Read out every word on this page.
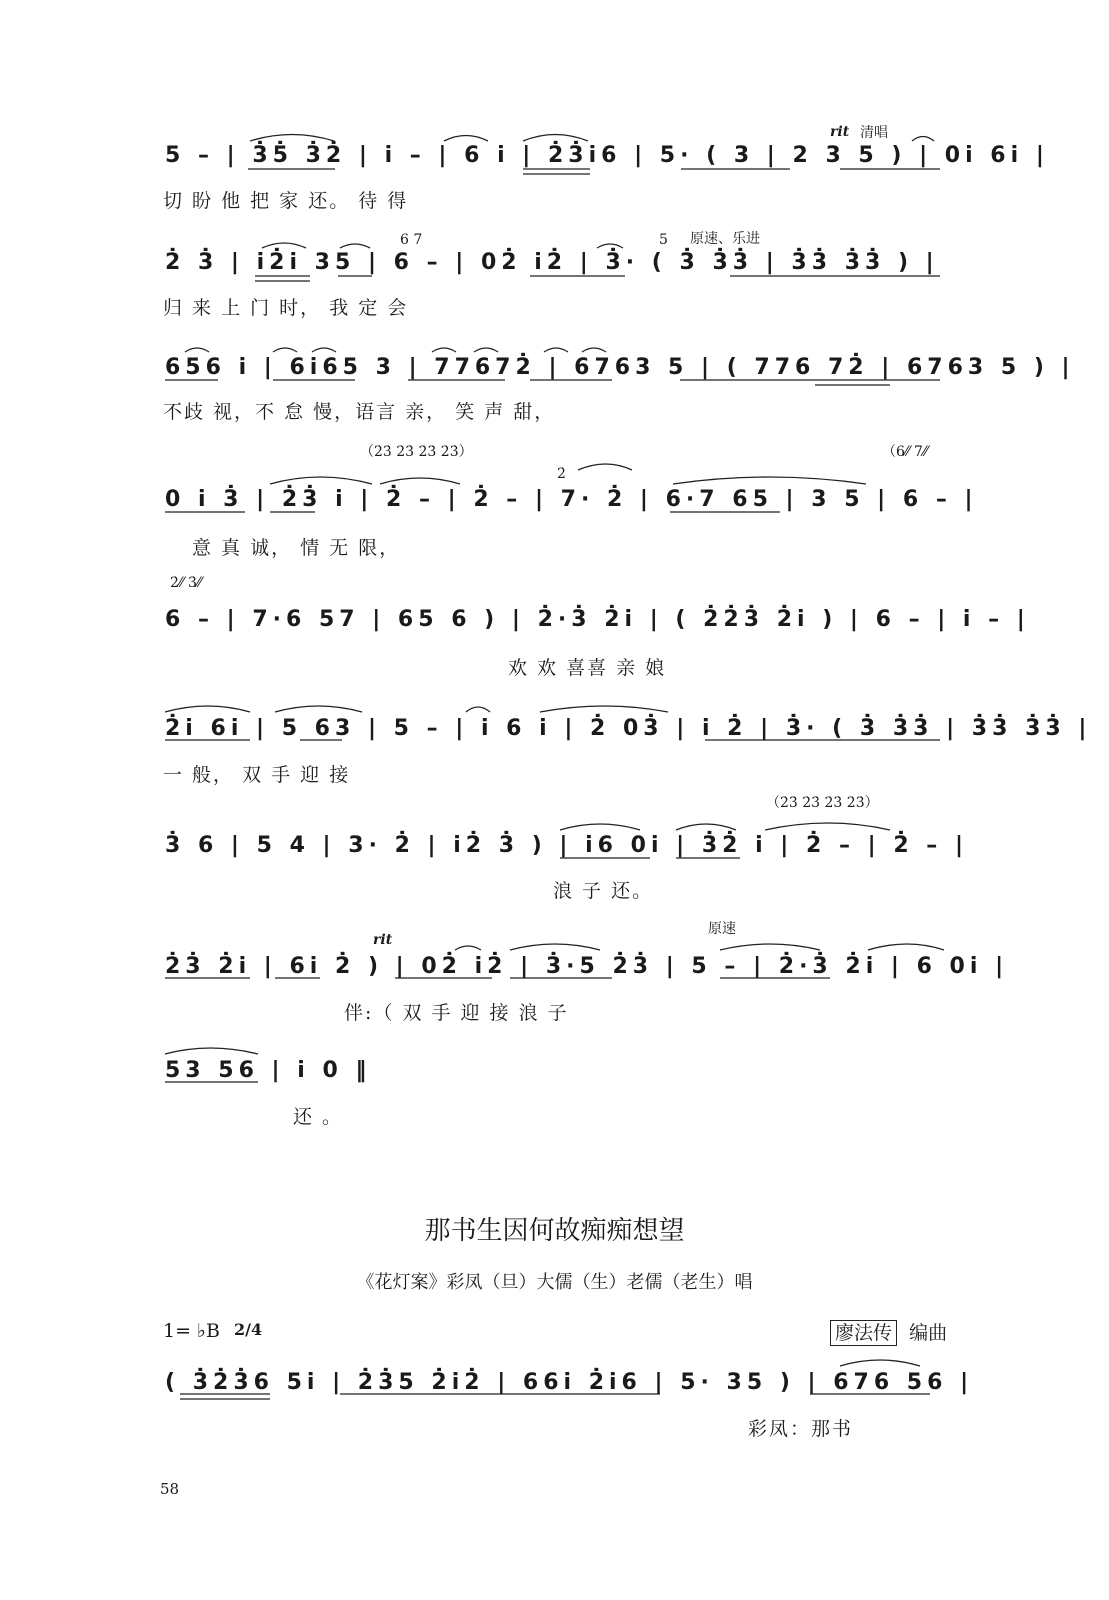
rit 清唱
5 – | 3̇5̇ 3̇2̇ | i – | 6 i | 2̇3̇i6 | 5· ( 3 | 2 3 5 ) | 0i 6i |
切 盼 他 把 家 还。 待 得
6 7	5 原速、乐进
2̇ 3̇ | i2̇i 35 | 6 – | 02̇ i2̇ | 3̇· ( 3̇ 3̇3̇ | 3̇3̇ 3̇3̇ ) |
归 来 上 门 时， 我 定 会
656 i | 6i65 3 | 77672̇ | 6763 5 | ( 776 72̇ | 6763 5 ) |
不歧 视，不 怠 慢，语言 亲， 笑 声 甜，
（2̇3̇ 2̇3̇ 2̇3̇ 2̇3̇）
2̇
（6⁄⁄ 7⁄⁄
0 i 3̇ | 2̇3̇ i | 2̇ – | 2̇ – | 7· 2̇ | 6·7 65 | 3 5 | 6 – |
意 真 诚， 情 无 限，
2̇⁄⁄ 3̇⁄⁄
6 – | 7·6 57 | 65 6 ) | 2̇·3̇ 2̇i | ( 2̇2̇3̇ 2̇i ) | 6 – | i – |
欢 欢 喜喜 亲 娘
2̇i 6i | 5 63 | 5 – | i 6 i | 2̇ 03̇ | i 2̇ | 3̇· ( 3̇ 3̇3̇ | 3̇3̇ 3̇3̇ |
一 般， 双 手 迎 接
（2̇3̇ 2̇3̇ 2̇3̇ 2̇3̇）
3̇ 6 | 5 4 | 3· 2̇ | i2̇ 3̇ ) | i6 0i | 3̇2̇ i | 2̇ – | 2̇ – |
浪 子 还。
rit
原速
2̇3̇ 2̇i | 6i 2̇ ) | 02̇ i2̇ | 3̇·5 2̇3̇ | 5 – | 2̇·3̇ 2̇i | 6 0i |
伴:（ 双 手 迎 接 浪 子
53 56 | i 0 ‖
还 。
那书生因何故痴痴想望
《花灯案》彩凤（旦）大儒（生）老儒（老生）唱
1= ♭B 2/4	廖法传 编曲
( 3̇2̇3̇6 5i | 2̇3̇5 2̇i2̇ | 66i 2̇i6 | 5· 35 ) | 676 56 |
彩凤：那书
58
